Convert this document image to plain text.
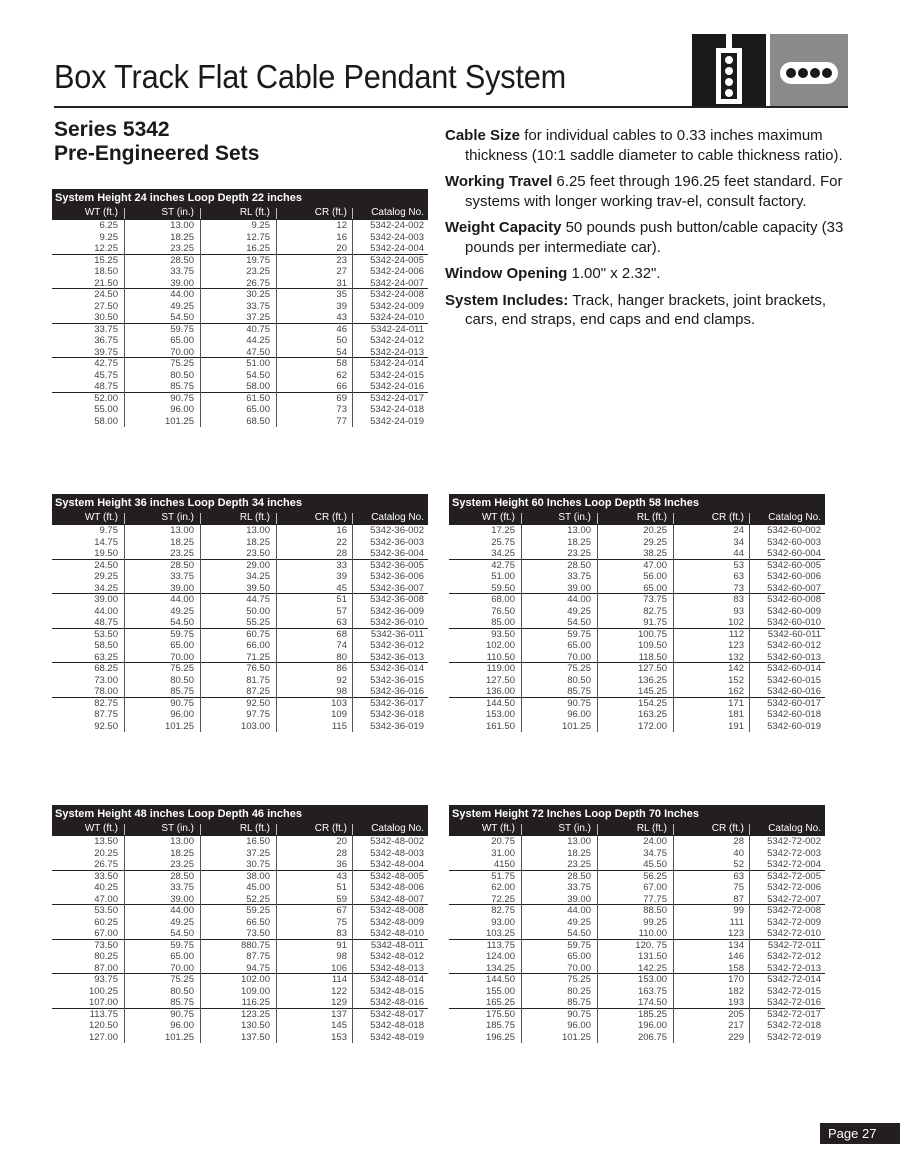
Box Track Flat Cable Pendant System
Series 5342
Pre-Engineered Sets

Cable Size for individual cables to 0.33 inches maximum thickness (10:1 saddle diameter to cable thickness ratio).

Working Travel 6.25 feet through 196.25 feet standard. For systems with longer working trav-el, consult factory.

Weight Capacity 50 pounds push button/cable capacity (33 pounds per intermediate car).

Window Opening 1.00" x 2.32".

System Includes: Track, hanger brackets, joint brackets, cars, end straps, end caps and end clamps.

System Height 24 inches Loop Depth 22 inches
WT (ft.)	ST (in.)	RL (ft.)	CR (ft.)	Catalog No.
6.25	13.00	9.25	12	5342-24-002
9.25	18.25	12.75	16	5342-24-003
12.25	23.25	16.25	20	5342-24-004
15.25	28.50	19.75	23	5342-24-005
18.50	33.75	23.25	27	5342-24-006
21.50	39.00	26.75	31	5342-24-007
24.50	44.00	30.25	35	5342-24-008
27.50	49.25	33.75	39	5342-24-009
30.50	54.50	37.25	43	5324-24-010
33.75	59.75	40.75	46	5342-24-011
36.75	65.00	44.25	50	5342-24-012
39.75	70.00	47.50	54	5342-24-013
42.75	75.25	51.00	58	5342-24-014
45.75	80.50	54.50	62	5342-24-015
48.75	85.75	58.00	66	5342-24-016
52.00	90.75	61.50	69	5342-24-017
55.00	96.00	65.00	73	5342-24-018
58.00	101.25	68.50	77	5342-24-019
System Height 36 inches Loop Depth 34 inches
WT (ft.)	ST (in.)	RL (ft.)	CR (ft.)	Catalog No.
9.75	13.00	13.00	16	5342-36-002
14.75	18.25	18.25	22	5342-36-003
19.50	23.25	23.50	28	5342-36-004
24.50	28.50	29.00	33	5342-36-005
29.25	33.75	34.25	39	5342-36-006
34.25	39.00	39.50	45	5342-36-007
39.00	44.00	44.75	51	5342-36-008
44.00	49.25	50.00	57	5342-36-009
48.75	54.50	55.25	63	5342-36-010
53.50	59.75	60.75	68	5342-36-011
58.50	65.00	66.00	74	5342-36-012
63.25	70.00	71.25	80	5342-36-013
68.25	75.25	76.50	86	5342-36-014
73.00	80.50	81.75	92	5342-36-015
78.00	85.75	87.25	98	5342-36-016
82.75	90.75	92.50	103	5342-36-017
87.75	96.00	97.75	109	5342-36-018
92.50	101.25	103.00	115	5342-36-019
System Height 60 Inches Loop Depth 58 Inches
WT (ft.)	ST (in.)	RL (ft.)	CR (ft.)	Catalog No.
17.25	13.00	20.25	24	5342-60-002
25.75	18.25	29.25	34	5342-60-003
34.25	23.25	38.25	44	5342-60-004
42.75	28.50	47.00	53	5342-60-005
51.00	33.75	56.00	63	5342-60-006
59.50	39.00	65.00	73	5342-60-007
68.00	44.00	73.75	83	5342-60-008
76.50	49.25	82.75	93	5342-60-009
85.00	54.50	91.75	102	5342-60-010
93.50	59.75	100.75	112	5342-60-011
102.00	65.00	109.50	123	5342-60-012
110.50	70.00	118.50	132	5342-60-013
119.00	75.25	127.50	142	5342-60-014
127.50	80.50	136.25	152	5342-60-015
136.00	85.75	145.25	162	5342-60-016
144.50	90.75	154.25	171	5342-60-017
153.00	96.00	163.25	181	5342-60-018
161.50	101.25	172.00	191	5342-60-019
System Height 48 inches Loop Depth 46 inches
WT (ft.)	ST (in.)	RL (ft.)	CR (ft.)	Catalog No.
13.50	13.00	16.50	20	5342-48-002
20.25	18.25	37.25	28	5342-48-003
26.75	23.25	30.75	36	5342-48-004
33.50	28.50	38.00	43	5342-48-005
40.25	33.75	45.00	51	5342-48-006
47.00	39.00	52.25	59	5342-48-007
53.50	44.00	59.25	67	5342-48-008
60.25	49.25	66.50	75	5342-48-009
67.00	54.50	73.50	83	5342-48-010
73.50	59.75	880.75	91	5342-48-011
80.25	65.00	87.75	98	5342-48-012
87.00	70.00	94.75	106	5342-48-013
93.75	75.25	102.00	114	5342-48-014
100.25	80.50	109.00	122	5342-48-015
107.00	85.75	116.25	129	5342-48-016
113.75	90.75	123.25	137	5342-48-017
120.50	96.00	130.50	145	5342-48-018
127.00	101.25	137.50	153	5342-48-019
System Height 72 Inches Loop Depth 70 Inches
WT (ft.)	ST (in.)	RL (ft.)	CR (ft.)	Catalog No.
20.75	13.00	24.00	28	5342-72-002
31.00	18.25	34.75	40	5342-72-003
4150	23.25	45.50	52	5342-72-004
51.75	28.50	56.25	63	5342-72-005
62.00	33.75	67.00	75	5342-72-006
72.25	39.00	77.75	87	5342-72-007
82.75	44.00	88.50	99	5342-72-008
93.00	49.25	99.25	111	5342-72-009
103.25	54.50	110.00	123	5342-72-010
113.75	59.75	120. 75	134	5342-72-011
124.00	65.00	131.50	146	5342-72-012
134.25	70.00	142.25	158	5342-72-013
144.50	75.25	153.00	170	5342-72-014
155.00	80.25	163.75	182	5342-72-015
165.25	85.75	174.50	193	5342-72-016
175.50	90.75	185.25	205	5342-72-017
185.75	96.00	196.00	217	5342-72-018
196.25	101.25	206.75	229	5342-72-019
Page 27
